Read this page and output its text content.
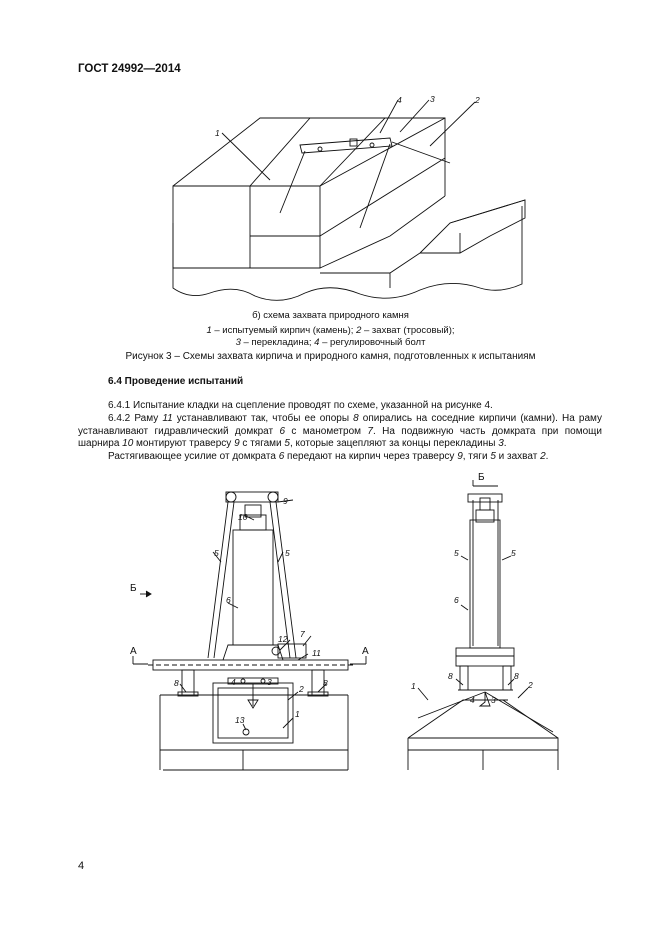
ГОСТ 24992—2014
1
2
3
4
б) схема захвата природного камня
1 – испытуемый кирпич (камень); 2 – захват (тросовый);
3 – перекладина; 4 – регулировочный болт
Рисунок 3 – Схемы захвата кирпича и природного камня, подготовленных к испытаниям
6.4 Проведение испытаний
6.4.1 Испытание кладки на сцепление проводят по схеме, указанной на рисунке 4.
6.4.2 Раму 11 устанавливают так, чтобы ее опоры 8 опирались на соседние кирпичи (камни). На раму устанавливают гидравлический домкрат 6 с манометром 7. На подвижную часть домкрата при помощи шарнира 10 монтируют траверсу 9 с тягами 5, которые зацепляют за концы перекладины 3.
Растягивающее усилие от домкрата 6 передают на кирпич через траверсу 9, тяги 5 и захват 2.
9
10
5	5
6
12 7
11
8	4	3
2
8
1
13
А	А
Б
Б
5	5
6
8	8
1
4 3
2
4
